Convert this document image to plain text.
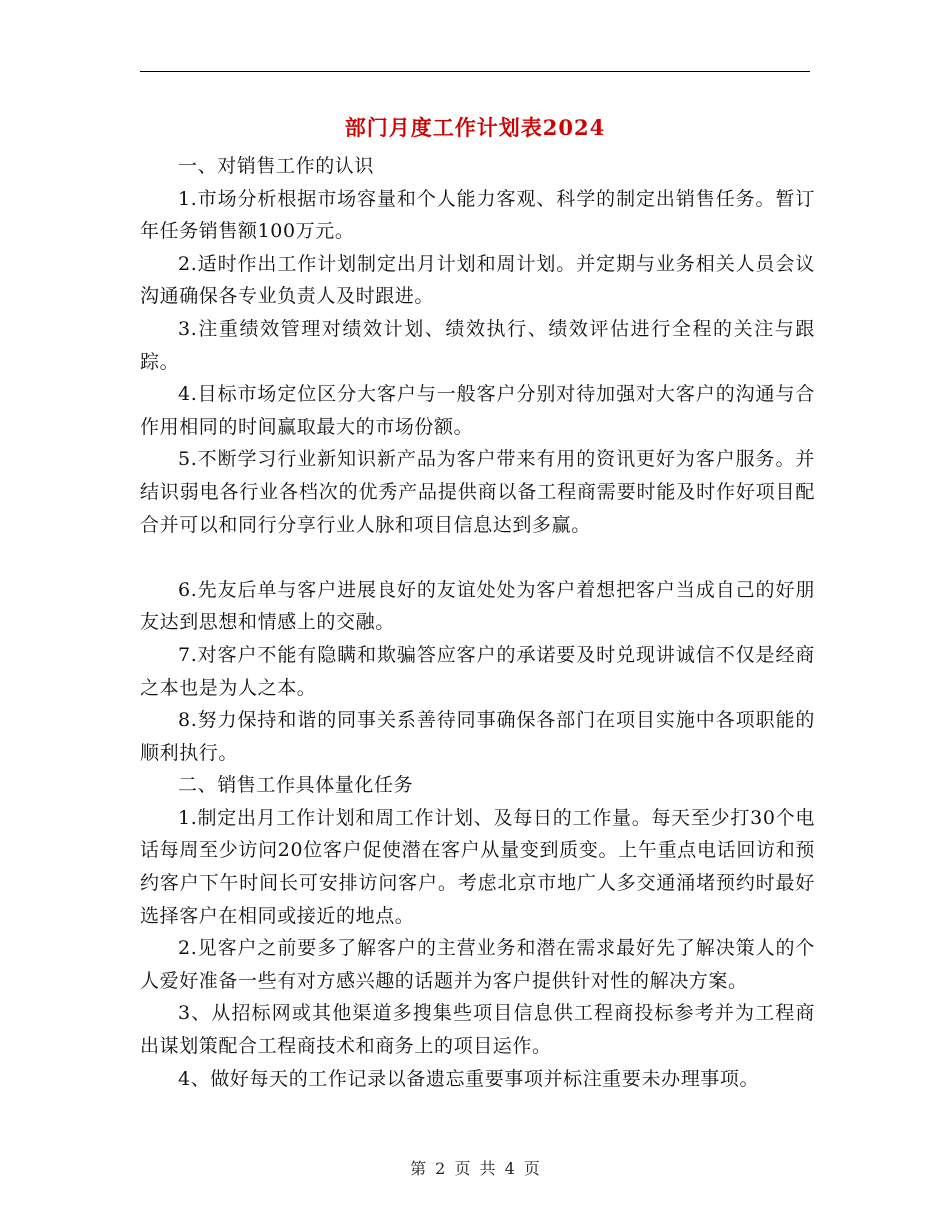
部门月度工作计划表2024

一、对销售工作的认识

1.市场分析根据市场容量和个人能力客观、科学的制定出销售任务。暂订年任务销售额100万元。

2.适时作出工作计划制定出月计划和周计划。并定期与业务相关人员会议沟通确保各专业负责人及时跟进。

3.注重绩效管理对绩效计划、绩效执行、绩效评估进行全程的关注与跟踪。

4.目标市场定位区分大客户与一般客户分别对待加强对大客户的沟通与合作用相同的时间赢取最大的市场份额。

5.不断学习行业新知识新产品为客户带来有用的资讯更好为客户服务。并结识弱电各行业各档次的优秀产品提供商以备工程商需要时能及时作好项目配合并可以和同行分享行业人脉和项目信息达到多赢。

6.先友后单与客户进展良好的友谊处处为客户着想把客户当成自己的好朋友达到思想和情感上的交融。

7.对客户不能有隐瞒和欺骗答应客户的承诺要及时兑现讲诚信不仅是经商之本也是为人之本。

8.努力保持和谐的同事关系善待同事确保各部门在项目实施中各项职能的顺利执行。

二、销售工作具体量化任务

1.制定出月工作计划和周工作计划、及每日的工作量。每天至少打30个电话每周至少访问20位客户促使潜在客户从量变到质变。上午重点电话回访和预约客户下午时间长可安排访问客户。考虑北京市地广人多交通涌堵预约时最好选择客户在相同或接近的地点。

2.见客户之前要多了解客户的主营业务和潜在需求最好先了解决策人的个人爱好准备一些有对方感兴趣的话题并为客户提供针对性的解决方案。

3、从招标网或其他渠道多搜集些项目信息供工程商投标参考并为工程商出谋划策配合工程商技术和商务上的项目运作。

4、做好每天的工作记录以备遗忘重要事项并标注重要未办理事项。

第 2 页 共 4 页
